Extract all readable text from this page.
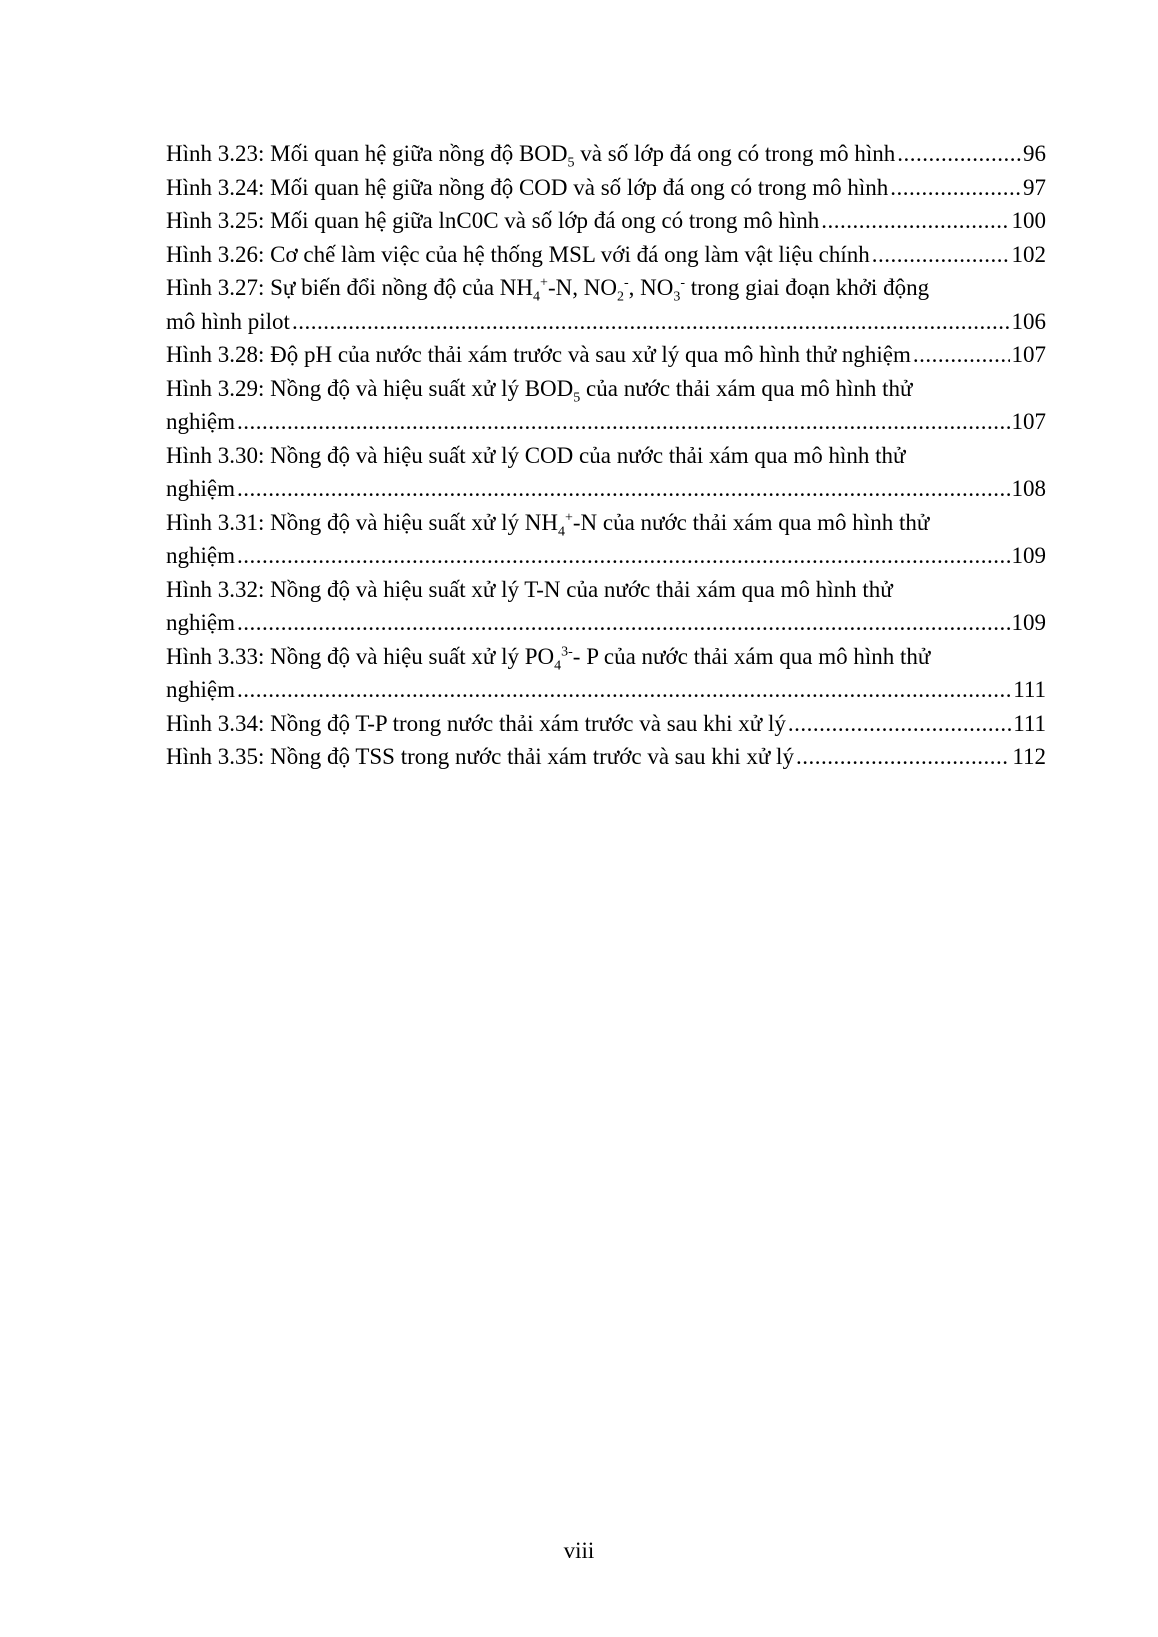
Hình 3.23: Mối quan hệ giữa nồng độ $BOD_5$ và số lớp đá ong có trong mô hình .....	96
Hình 3.24: Mối quan hệ giữa nồng độ COD và số lớp đá ong có trong mô hình .....	97
Hình 3.25: Mối quan hệ giữa lnC0C và số lớp đá ong có trong mô hình .....	100
Hình 3.26: Cơ chế làm việc của hệ thống MSL với đá ong làm vật liệu chính .....	102
Hình 3.27: Sự biến đổi nồng độ của $NH_4^+-N$, $NO_2^-$, $NO_3^-$ trong giai đoạn khởi động
mô hình pilot .....	106
Hình 3.28: Độ pH của nước thải xám trước và sau xử lý qua mô hình thử nghiệm .....	107
Hình 3.29: Nồng độ và hiệu suất xử lý $BOD_5$ của nước thải xám qua mô hình thử
nghiệm .....	107
Hình 3.30: Nồng độ và hiệu suất xử lý COD của nước thải xám qua mô hình thử
nghiệm .....	108
Hình 3.31: Nồng độ và hiệu suất xử lý $NH_4^+-N$ của nước thải xám qua mô hình thử
nghiệm .....	109
Hình 3.32: Nồng độ và hiệu suất xử lý T-N của nước thải xám qua mô hình thử
nghiệm .....	109
Hình 3.33: Nồng độ và hiệu suất xử lý $PO_4^{3-}-$ P của nước thải xám qua mô hình thử
nghiệm .....	111
Hình 3.34: Nồng độ T-P trong nước thải xám trước và sau khi xử lý .....	111
Hình 3.35: Nồng độ TSS trong nước thải xám trước và sau khi xử lý .....	112
viii
